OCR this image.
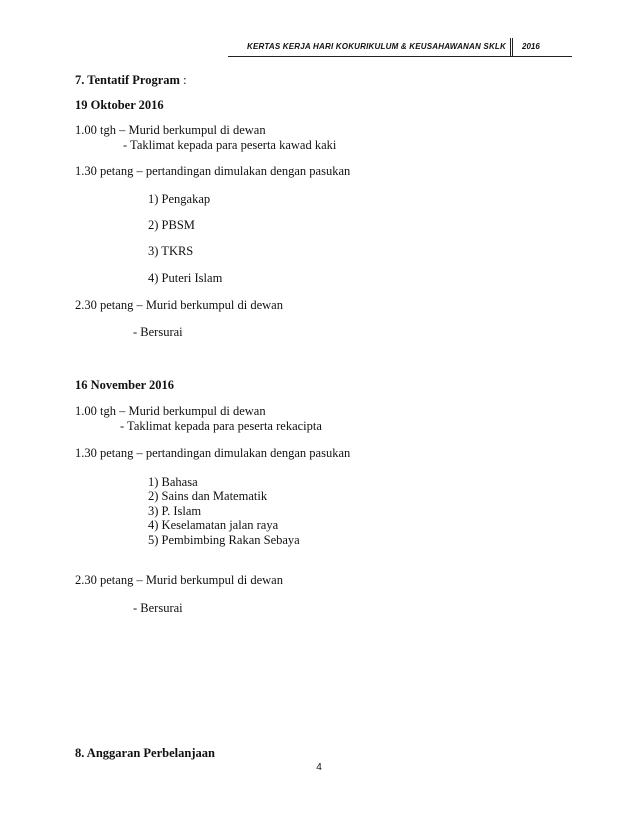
KERTAS KERJA HARI KOKURIKULUM & KEUSAHAWANAN SKLK 2016
7. Tentatif Program :
19 Oktober 2016
1.00 tgh – Murid berkumpul di dewan
- Taklimat kepada para peserta kawad kaki
1.30 petang – pertandingan dimulakan dengan pasukan
1) Pengakap
2) PBSM
3) TKRS
4) Puteri Islam
2.30 petang – Murid berkumpul di dewan
- Bersurai
16 November 2016
1.00 tgh – Murid berkumpul di dewan
- Taklimat kepada para peserta rekacipta
1.30 petang – pertandingan dimulakan dengan pasukan
1) Bahasa
2) Sains dan Matematik
3) P. Islam
4) Keselamatan jalan raya
5) Pembimbing Rakan Sebaya
2.30 petang – Murid berkumpul di dewan
- Bersurai
8. Anggaran Perbelanjaan
4
